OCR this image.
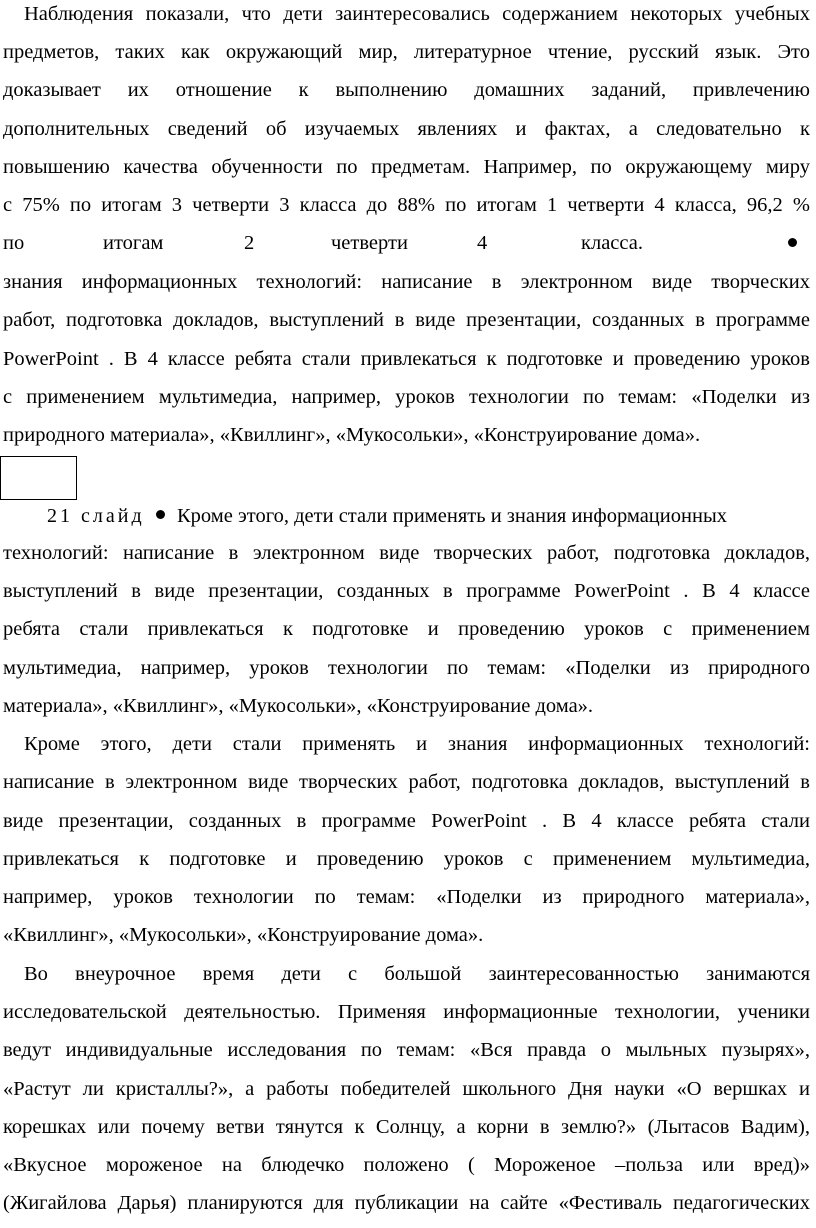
Наблюдения показали, что дети заинтересовались содержанием некоторых учебных
предметов, таких как окружающий мир, литературное чтение, русский язык. Это
доказывает их отношение к выполнению домашних заданий, привлечению
дополнительных сведений об изучаемых явлениях и фактах, а следовательно к
повышению качества обученности по предметам. Например, по окружающему миру
с 75% по итогам 3 четверти 3 класса до 88% по итогам 1 четверти 4 класса, 96,2 %
по	итогам	2	четверти	4	класса.
знания информационных технологий: написание в электронном виде творческих
работ, подготовка докладов, выступлений в виде презентации, созданных в программе
PowerPoint . В 4 классе ребята стали привлекаться к подготовке и проведению уроков
с применением мультимедиа, например, уроков технологии по темам: «Поделки из
природного материала», «Квиллинг», «Мукосольки», «Конструирование дома».
21 слайд Кроме этого, дети стали применять и знания информационных
технологий: написание в электронном виде творческих работ, подготовка докладов,
выступлений в виде презентации, созданных в программе PowerPoint . В 4 классе
ребята стали привлекаться к подготовке и проведению уроков с применением
мультимедиа, например, уроков технологии по темам: «Поделки из природного
материала», «Квиллинг», «Мукосольки», «Конструирование дома».
Кроме этого, дети стали применять и знания информационных технологий:
написание в электронном виде творческих работ, подготовка докладов, выступлений в
виде презентации, созданных в программе PowerPoint . В 4 классе ребята стали
привлекаться к подготовке и проведению уроков с применением мультимедиа,
например, уроков технологии по темам: «Поделки из природного материала»,
«Квиллинг», «Мукосольки», «Конструирование дома».
Во внеурочное время дети с большой заинтересованностью занимаются
исследовательской деятельностью. Применяя информационные технологии, ученики
ведут индивидуальные исследования по темам: «Вся правда о мыльных пузырях»,
«Растут ли кристаллы?», а работы победителей школьного Дня науки «О вершках и
корешках или почему ветви тянутся к Солнцу, а корни в землю?» (Лытасов Вадим),
«Вкусное мороженое на блюдечко положено ( Мороженое –польза или вред)»
(Жигайлова Дарья) планируются для публикации на сайте «Фестиваль педагогических
